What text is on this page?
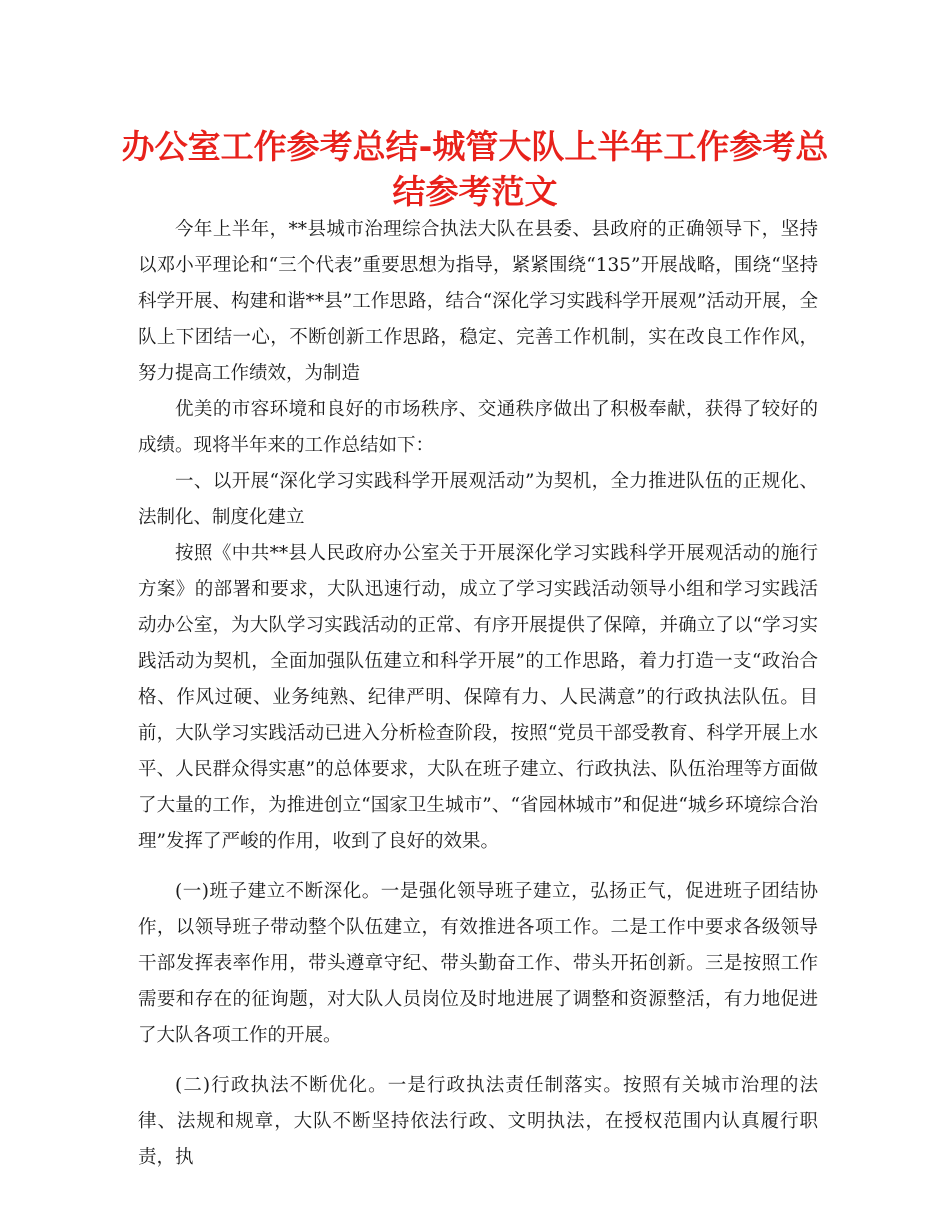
办公室工作参考总结-城管大队上半年工作参考总
结参考范文

今年上半年，**县城市治理综合执法大队在县委、县政府的正确领导下，坚持以邓小平理论和“三个代表”重要思想为指导，紧紧围绕“135”开展战略，围绕“坚持科学开展、构建和谐**县”工作思路，结合“深化学习实践科学开展观”活动开展，全队上下团结一心，不断创新工作思路，稳定、完善工作机制，实在改良工作作风，努力提高工作绩效，为制造

优美的市容环境和良好的市场秩序、交通秩序做出了积极奉献，获得了较好的成绩。现将半年来的工作总结如下：

一、以开展“深化学习实践科学开展观活动”为契机，全力推进队伍的正规化、法制化、制度化建立

按照《中共**县人民政府办公室关于开展深化学习实践科学开展观活动的施行方案》的部署和要求，大队迅速行动，成立了学习实践活动领导小组和学习实践活动办公室，为大队学习实践活动的正常、有序开展提供了保障，并确立了以“学习实践活动为契机，全面加强队伍建立和科学开展”的工作思路，着力打造一支“政治合格、作风过硬、业务纯熟、纪律严明、保障有力、人民满意”的行政执法队伍。目前，大队学习实践活动已进入分析检查阶段，按照“党员干部受教育、科学开展上水平、人民群众得实惠”的总体要求，大队在班子建立、行政执法、队伍治理等方面做了大量的工作，为推进创立“国家卫生城市”、“省园林城市”和促进“城乡环境综合治理”发挥了严峻的作用，收到了良好的效果。

(一)班子建立不断深化。一是强化领导班子建立，弘扬正气，促进班子团结协作，以领导班子带动整个队伍建立，有效推进各项工作。二是工作中要求各级领导干部发挥表率作用，带头遵章守纪、带头勤奋工作、带头开拓创新。三是按照工作需要和存在的征询题，对大队人员岗位及时地进展了调整和资源整活，有力地促进了大队各项工作的开展。

(二)行政执法不断优化。一是行政执法责任制落实。按照有关城市治理的法律、法规和规章，大队不断坚持依法行政、文明执法，在授权范围内认真履行职责，执
